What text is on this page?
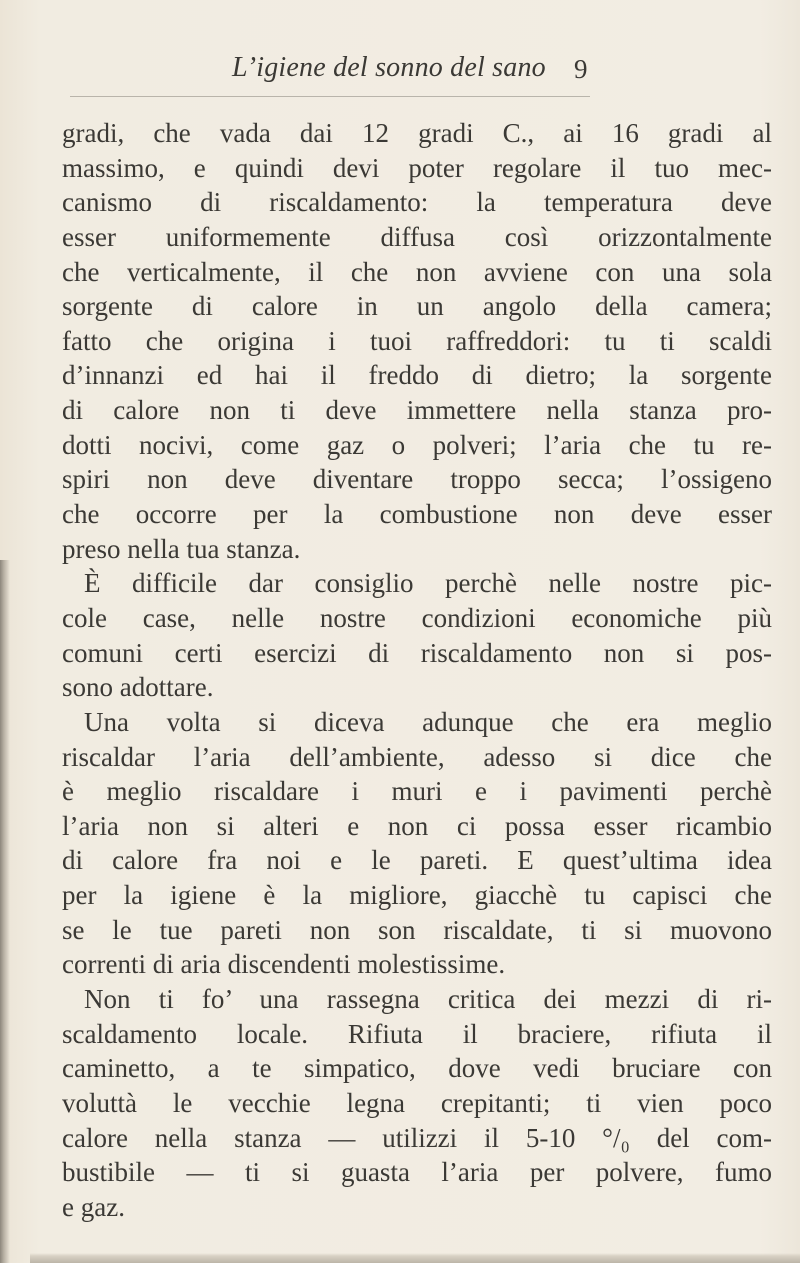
L’igiene del sonno del sano 9
gradi, che vada dai 12 gradi C., ai 16 gradi al
massimo, e quindi devi poter regolare il tuo mec-
canismo di riscaldamento: la temperatura deve
esser uniformemente diffusa così orizzontalmente
che verticalmente, il che non avviene con una sola
sorgente di calore in un angolo della camera;
fatto che origina i tuoi raffreddori: tu ti scaldi
d’innanzi ed hai il freddo di dietro; la sorgente
di calore non ti deve immettere nella stanza pro-
dotti nocivi, come gaz o polveri; l’aria che tu re-
spiri non deve diventare troppo secca; l’ossigeno
che occorre per la combustione non deve esser
preso nella tua stanza.
È difficile dar consiglio perchè nelle nostre pic-
cole case, nelle nostre condizioni economiche più
comuni certi esercizi di riscaldamento non si pos-
sono adottare.
Una volta si diceva adunque che era meglio
riscaldar l’aria dell’ambiente, adesso si dice che
è meglio riscaldare i muri e i pavimenti perchè
l’aria non si alteri e non ci possa esser ricambio
di calore fra noi e le pareti. E quest’ultima idea
per la igiene è la migliore, giacchè tu capisci che
se le tue pareti non son riscaldate, ti si muovono
correnti di aria discendenti molestissime.
Non ti fo’ una rassegna critica dei mezzi di ri-
scaldamento locale. Rifiuta il braciere, rifiuta il
caminetto, a te simpatico, dove vedi bruciare con
voluttà le vecchie legna crepitanti; ti vien poco
calore nella stanza — utilizzi il 5-10 °/₀ del com-
bustibile — ti si guasta l’aria per polvere, fumo
e gaz.
